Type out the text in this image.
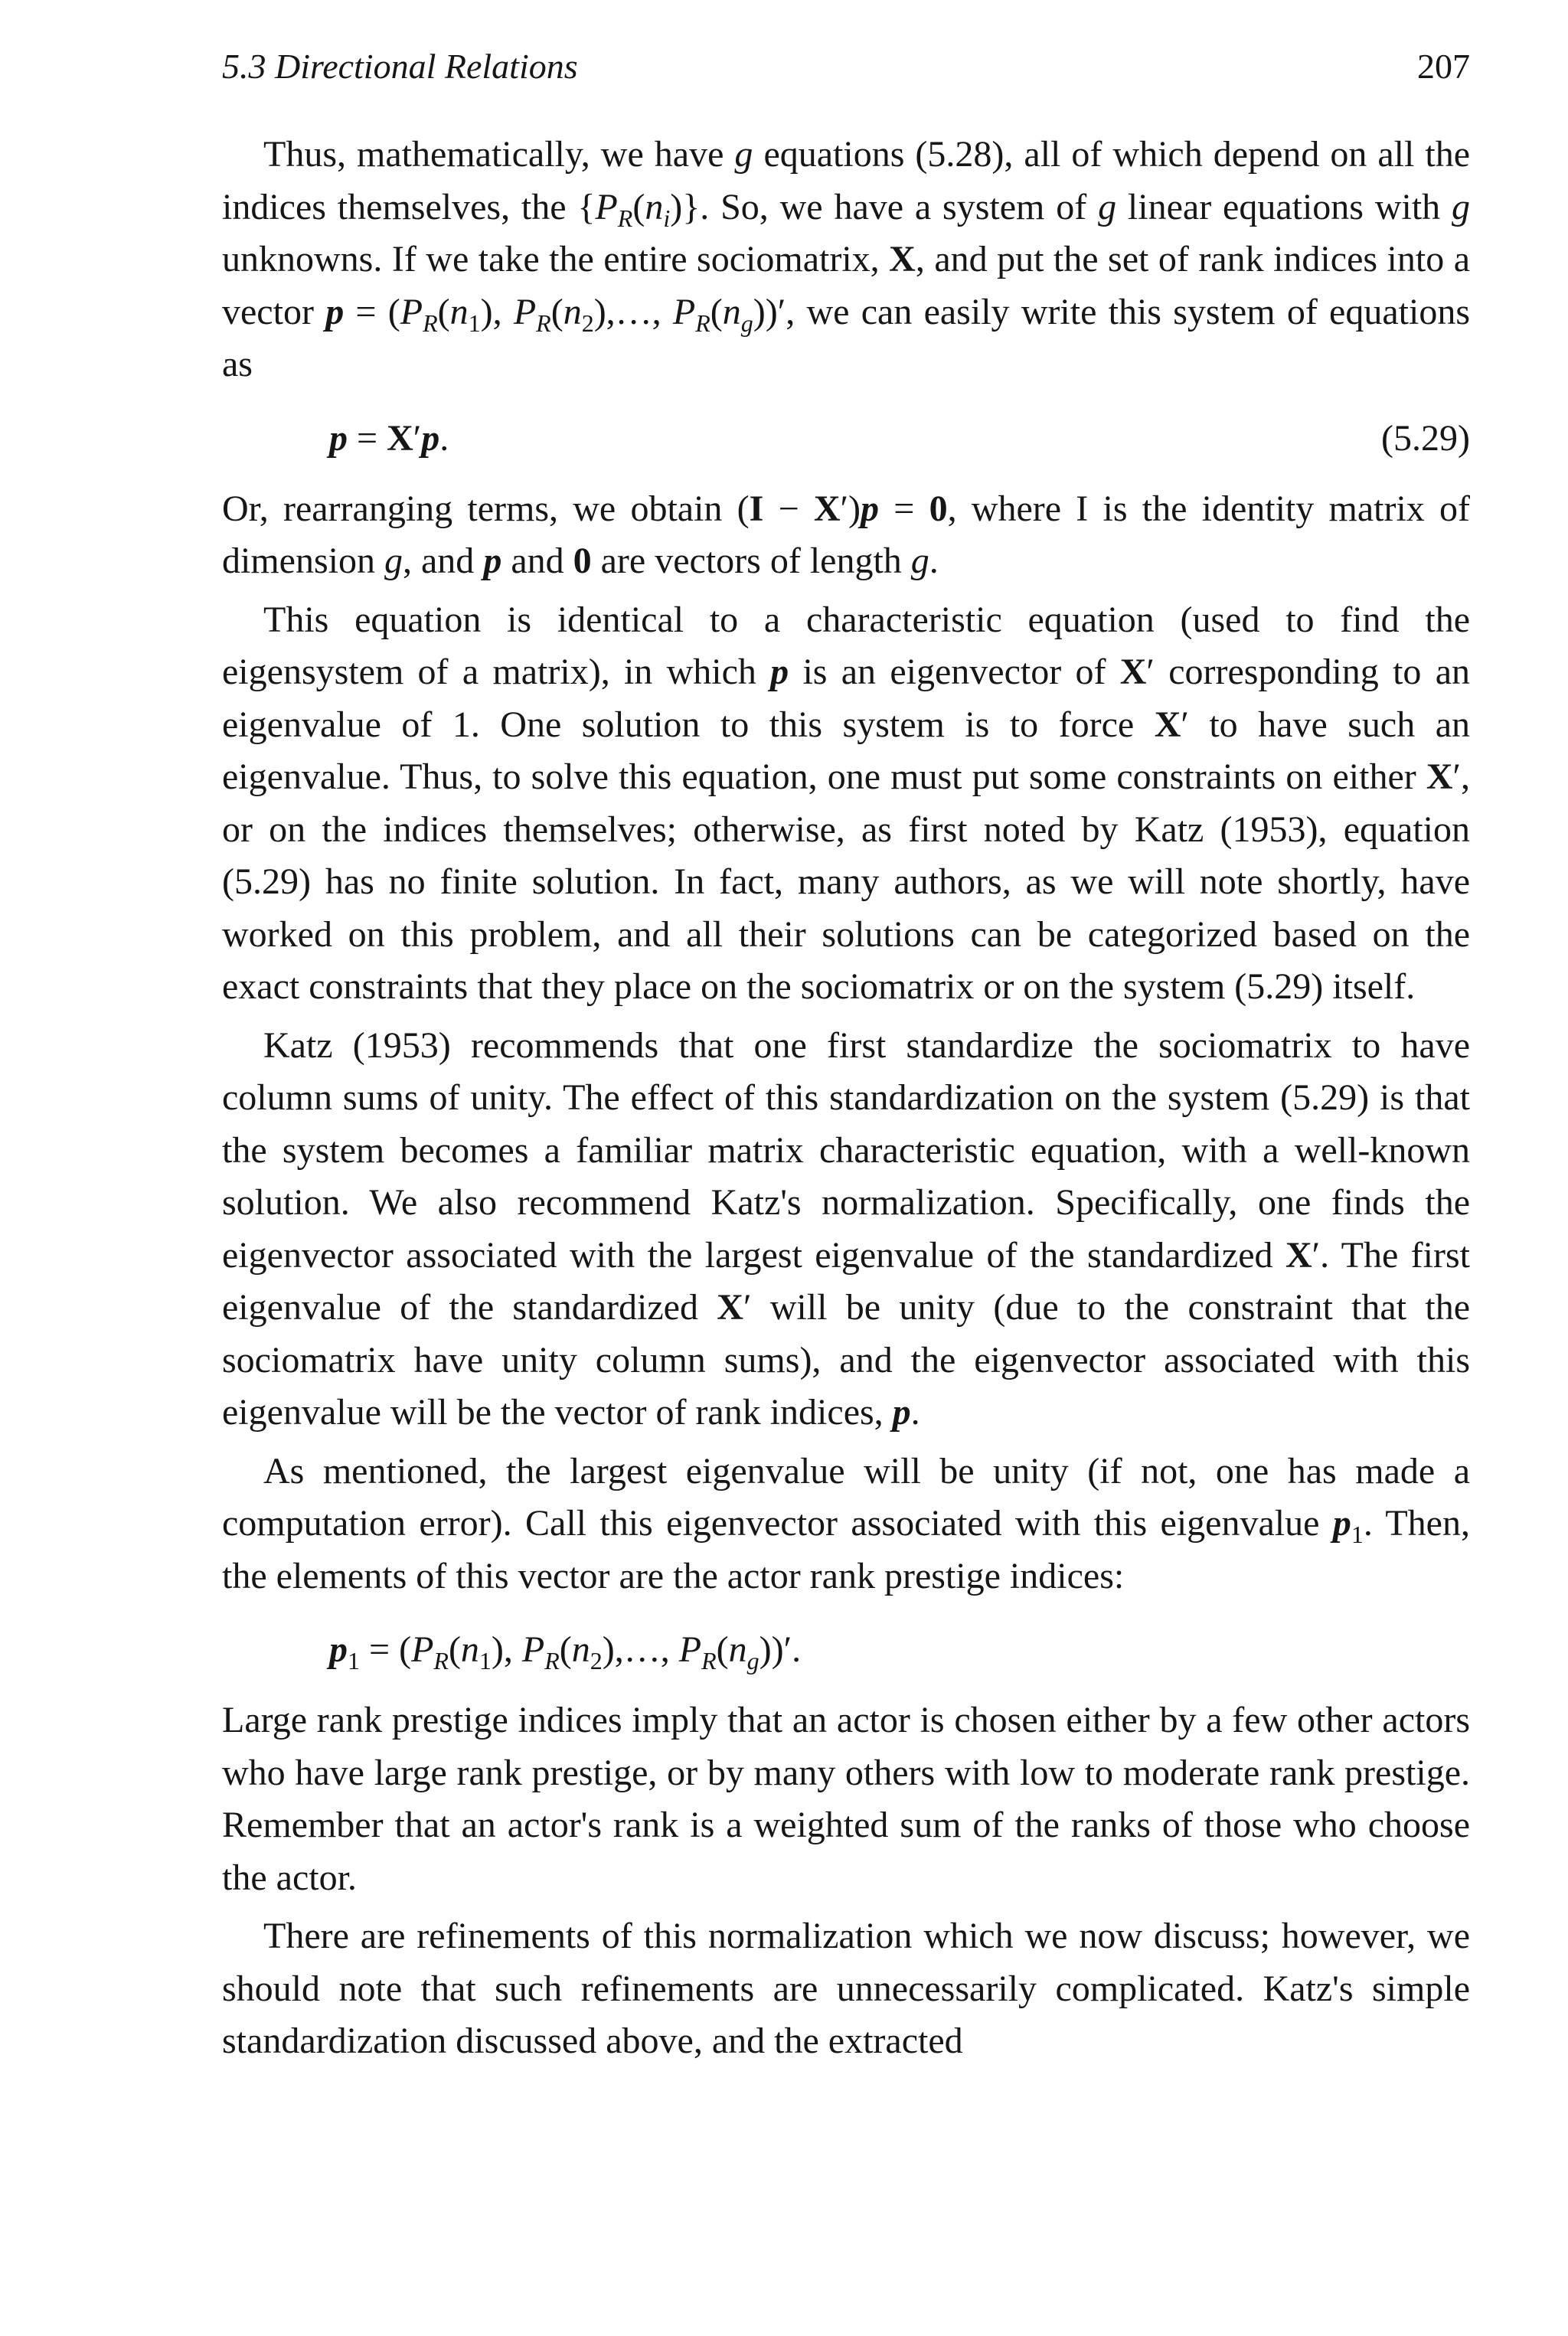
5.3 Directional Relations	207

Thus, mathematically, we have g equations (5.28), all of which depend on all the indices themselves, the $\{P_R(n_i)\}$. So, we have a system of g linear equations with g unknowns. If we take the entire sociomatrix, X, and put the set of rank indices into a vector $p = (P_R(n_1)$, $P_R(n_2),\dots$, $P_R(n_g))'$, we can easily write this system of equations as

p = X′p.	(5.29)

Or, rearranging terms, we obtain (I − X′)p = 0, where I is the identity matrix of dimension g, and p and 0 are vectors of length g.

This equation is identical to a characteristic equation (used to find the eigensystem of a matrix), in which p is an eigenvector of X′ corresponding to an eigenvalue of 1. One solution to this system is to force X′ to have such an eigenvalue. Thus, to solve this equation, one must put some constraints on either X′, or on the indices themselves; otherwise, as first noted by Katz (1953), equation (5.29) has no finite solution. In fact, many authors, as we will note shortly, have worked on this problem, and all their solutions can be categorized based on the exact constraints that they place on the sociomatrix or on the system (5.29) itself.

Katz (1953) recommends that one first standardize the sociomatrix to have column sums of unity. The effect of this standardization on the system (5.29) is that the system becomes a familiar matrix characteristic equation, with a well-known solution. We also recommend Katz's normalization. Specifically, one finds the eigenvector associated with the largest eigenvalue of the standardized X′. The first eigenvalue of the standardized X′ will be unity (due to the constraint that the sociomatrix have unity column sums), and the eigenvector associated with this eigenvalue will be the vector of rank indices, p.

As mentioned, the largest eigenvalue will be unity (if not, one has made a computation error). Call this eigenvector associated with this eigenvalue $p_1$. Then, the elements of this vector are the actor rank prestige indices:

$p_1 = (P_R(n_1)$, $P_R(n_2),\dots$, $P_R(n_g))'$.

Large rank prestige indices imply that an actor is chosen either by a few other actors who have large rank prestige, or by many others with low to moderate rank prestige. Remember that an actor's rank is a weighted sum of the ranks of those who choose the actor.

There are refinements of this normalization which we now discuss; however, we should note that such refinements are unnecessarily complicated. Katz's simple standardization discussed above, and the extracted
